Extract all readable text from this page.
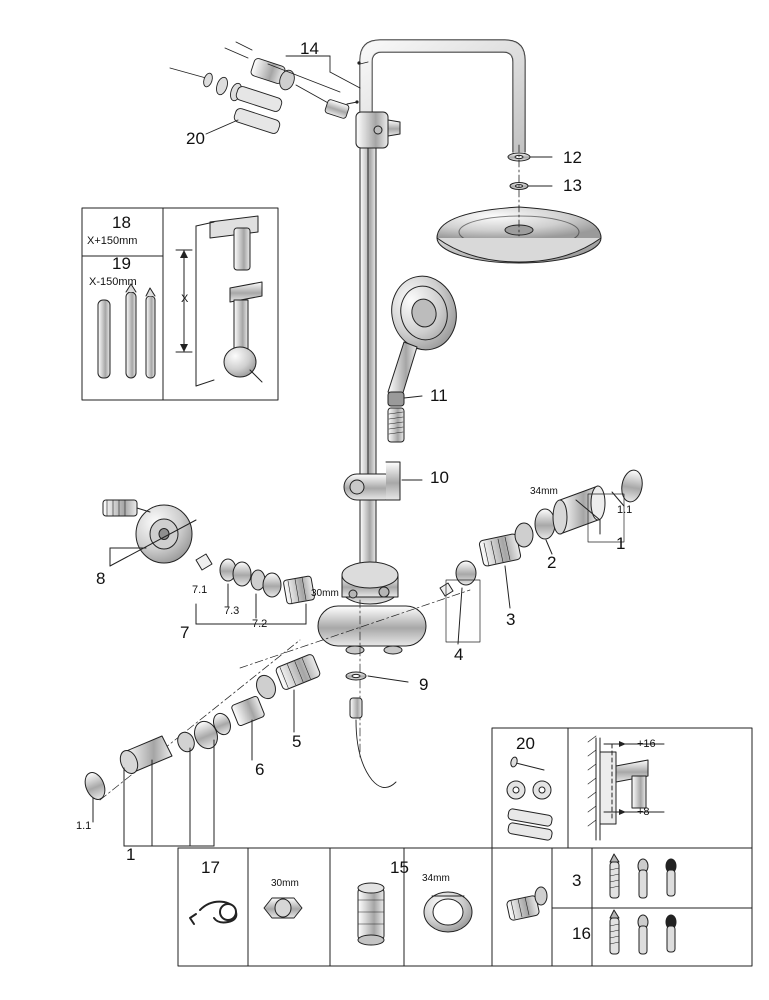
14
20
12
13
18
X+150mm
19
X-150mm
X
11
10
34mm
1
1.1
2
3
4
8
7.1
7.3
7.2
30mm
7
9
5
6
1.1
1
20	+16
+8
17
30mm
15
34mm	3
16
